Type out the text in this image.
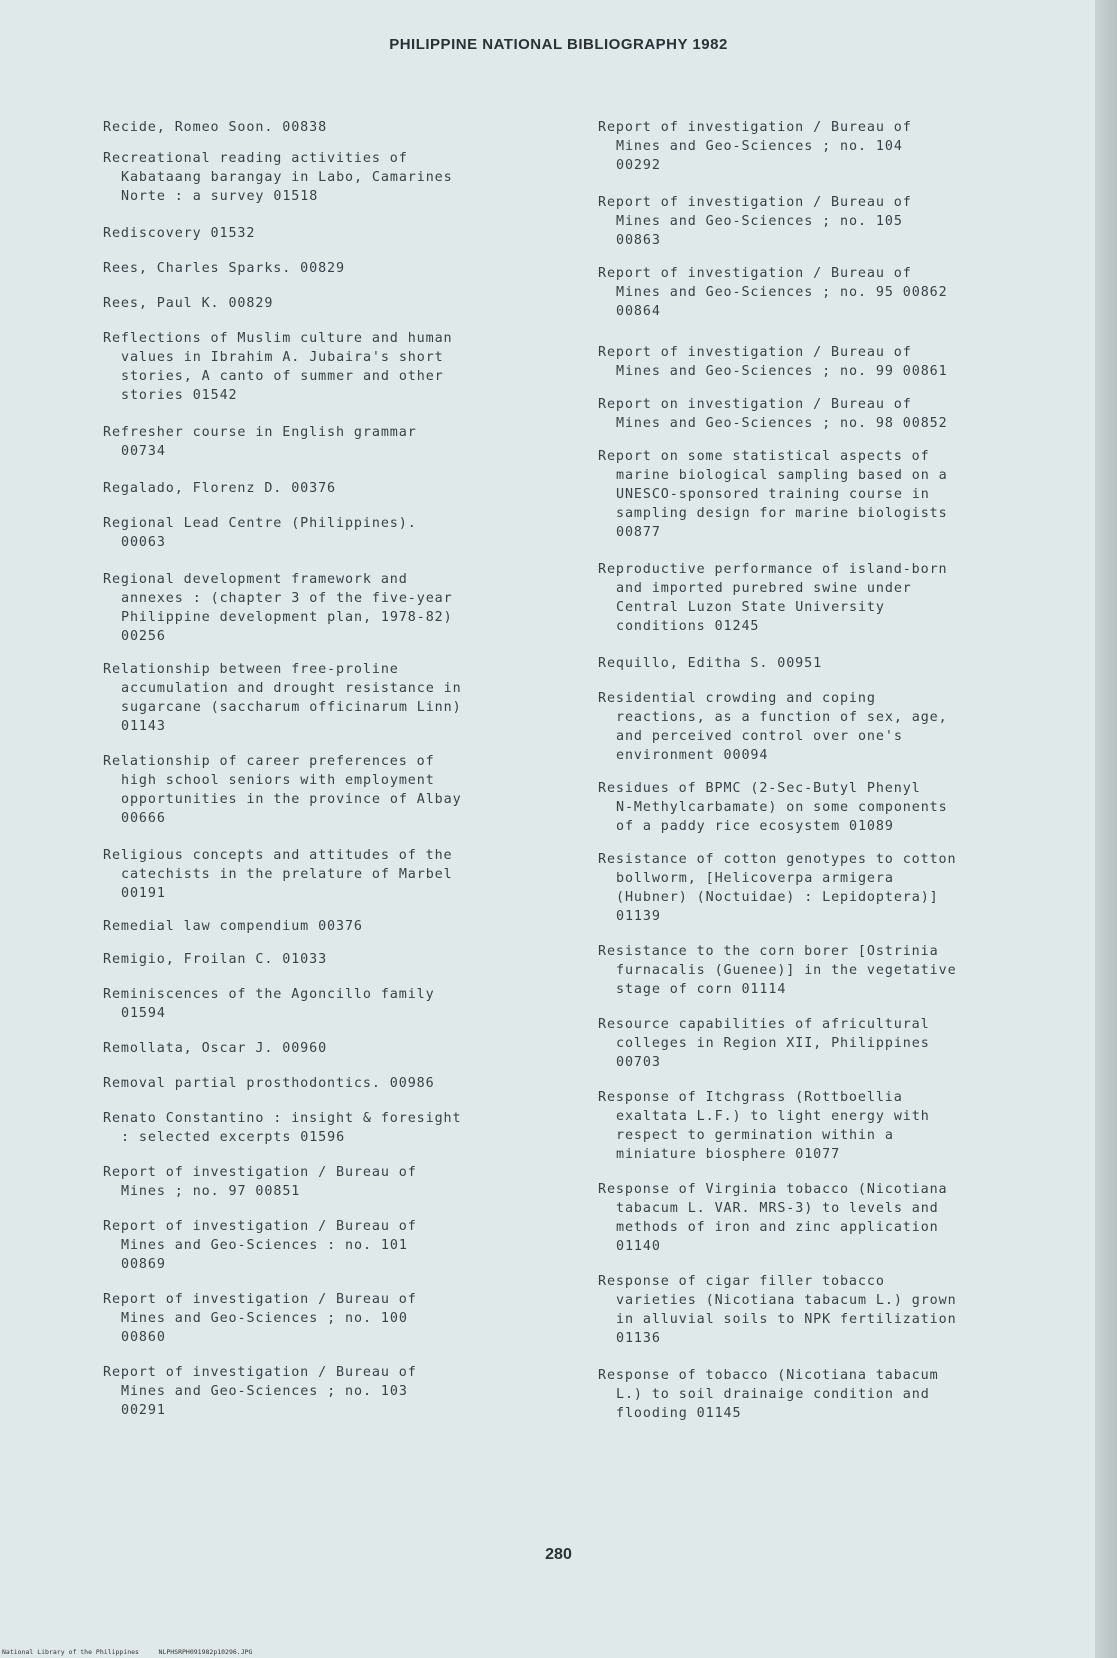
PHILIPPINE NATIONAL BIBLIOGRAPHY 1982
Recide, Romeo Soon. 00838
Recreational reading activities of
Kabataang barangay in Labo, Camarines
Norte : a survey 01518
Rediscovery 01532
Rees, Charles Sparks. 00829
Rees, Paul K. 00829
Reflections of Muslim culture and human
values in Ibrahim A. Jubaira's short
stories, A canto of summer and other
stories 01542
Refresher course in English grammar
00734
Regalado, Florenz D. 00376
Regional Lead Centre (Philippines).
00063
Regional development framework and
annexes : (chapter 3 of the five-year
Philippine development plan, 1978-82)
00256
Relationship between free-proline
accumulation and drought resistance in
sugarcane (saccharum officinarum Linn)
01143
Relationship of career preferences of
high school seniors with employment
opportunities in the province of Albay
00666
Religious concepts and attitudes of the
catechists in the prelature of Marbel
00191
Remedial law compendium 00376
Remigio, Froilan C. 01033
Reminiscences of the Agoncillo family
01594
Remollata, Oscar J. 00960
Removal partial prosthodontics. 00986
Renato Constantino : insight & foresight
: selected excerpts 01596
Report of investigation / Bureau of
Mines ; no. 97 00851
Report of investigation / Bureau of
Mines and Geo-Sciences : no. 101
00869
Report of investigation / Bureau of
Mines and Geo-Sciences ; no. 100
00860
Report of investigation / Bureau of
Mines and Geo-Sciences ; no. 103
00291
Report of investigation / Bureau of
Mines and Geo-Sciences ; no. 104
00292
Report of investigation / Bureau of
Mines and Geo-Sciences ; no. 105
00863
Report of investigation / Bureau of
Mines and Geo-Sciences ; no. 95 00862
00864
Report of investigation / Bureau of
Mines and Geo-Sciences ; no. 99 00861
Report on investigation / Bureau of
Mines and Geo-Sciences ; no. 98 00852
Report on some statistical aspects of
marine biological sampling based on a
UNESCO-sponsored training course in
sampling design for marine biologists
00877
Reproductive performance of island-born
and imported purebred swine under
Central Luzon State University
conditions 01245
Requillo, Editha S. 00951
Residential crowding and coping
reactions, as a function of sex, age,
and perceived control over one's
environment 00094
Residues of BPMC (2-Sec-Butyl Phenyl
N-Methylcarbamate) on some components
of a paddy rice ecosystem 01089
Resistance of cotton genotypes to cotton
bollworm, [Helicoverpa armigera
(Hubner) (Noctuidae) : Lepidoptera)]
01139
Resistance to the corn borer [Ostrinia
furnacalis (Guenee)] in the vegetative
stage of corn 01114
Resource capabilities of africultural
colleges in Region XII, Philippines
00703
Response of Itchgrass (Rottboellia
exaltata L.F.) to light energy with
respect to germination within a
miniature biosphere 01077
Response of Virginia tobacco (Nicotiana
tabacum L. VAR. MRS-3) to levels and
methods of iron and zinc application
01140
Response of cigar filler tobacco
varieties (Nicotiana tabacum L.) grown
in alluvial soils to NPK fertilization
01136
Response of tobacco (Nicotiana tabacum
L.) to soil drainaige condition and
flooding 01145
280
National Library of the Philippines     NLPHSRPH091982p10296.JPG
